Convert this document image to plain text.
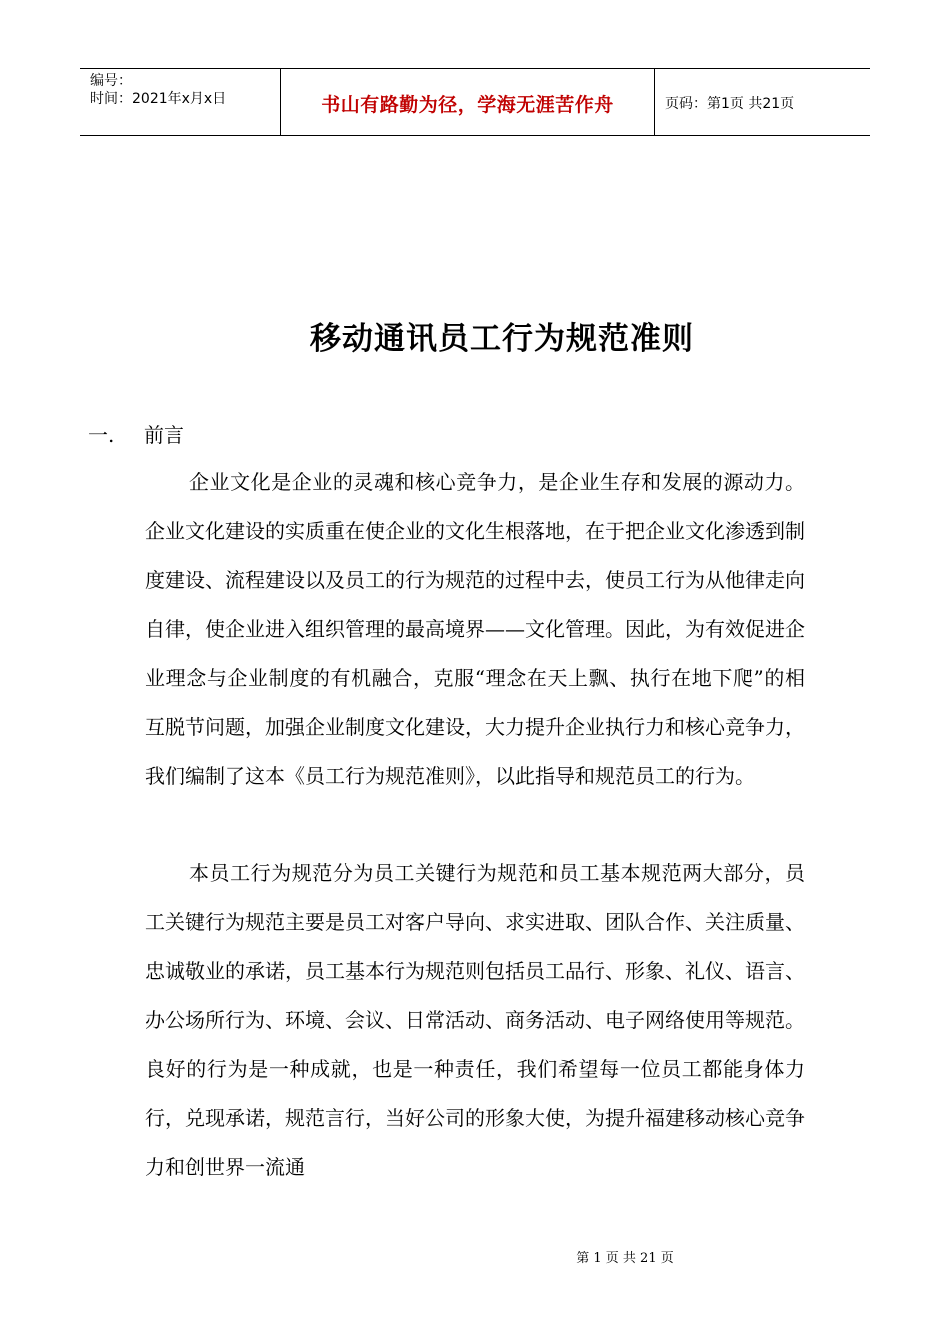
编号：
时间：2021年x月x日	书山有路勤为径，学海无涯苦作舟	页码：第1页 共21页
移动通讯员工行为规范准则
一.	前言

企业文化是企业的灵魂和核心竞争力，是企业生存和发展的源动力。企业文化建设的实质重在使企业的文化生根落地，在于把企业文化渗透到制度建设、流程建设以及员工的行为规范的过程中去，使员工行为从他律走向自律，使企业进入组织管理的最高境界——文化管理。因此，为有效促进企业理念与企业制度的有机融合，克服“理念在天上飘、执行在地下爬”的相互脱节问题，加强企业制度文化建设，大力提升企业执行力和核心竞争力，我们编制了这本《员工行为规范准则》，以此指导和规范员工的行为。

本员工行为规范分为员工关键行为规范和员工基本规范两大部分，员工关键行为规范主要是员工对客户导向、求实进取、团队合作、关注质量、忠诚敬业的承诺，员工基本行为规范则包括员工品行、形象、礼仪、语言、办公场所行为、环境、会议、日常活动、商务活动、电子网络使用等规范。良好的行为是一种成就，也是一种责任，我们希望每一位员工都能身体力行，兑现承诺，规范言行，当好公司的形象大使，为提升福建移动核心竞争力和创世界一流通

第 1 页 共 21 页
